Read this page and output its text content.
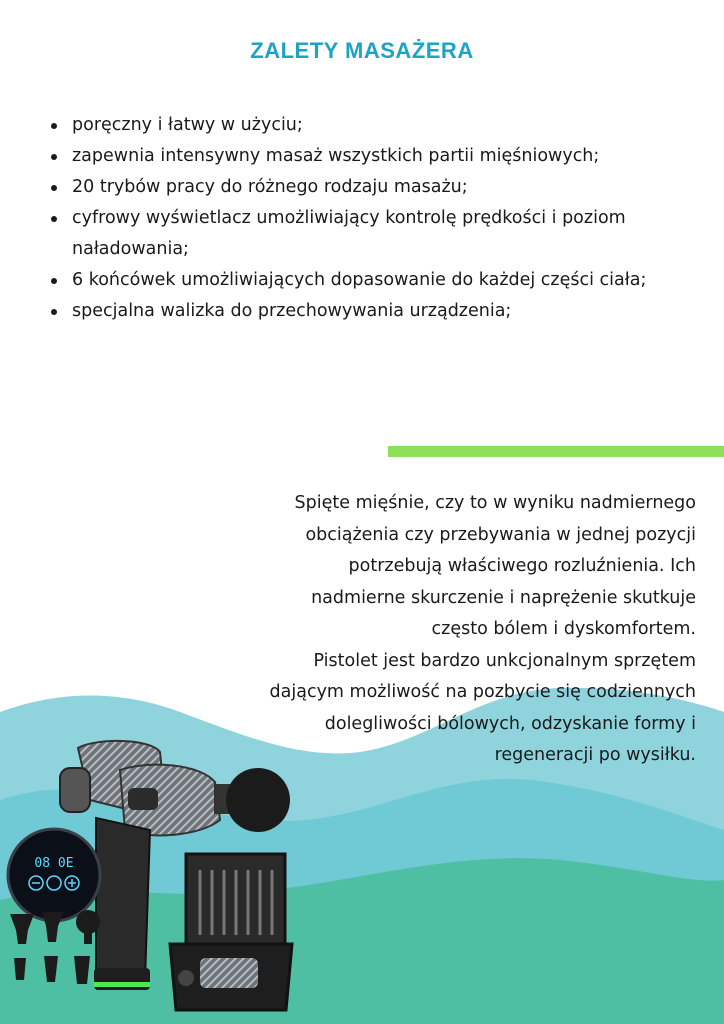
ZALETY MASAŻERA
poręczny i łatwy w użyciu;
zapewnia intensywny masaż wszystkich partii mięśniowych;
20 trybów pracy do różnego rodzaju masażu;
cyfrowy wyświetlacz umożliwiający kontrolę prędkości i poziom naładowania;
6 końcówek umożliwiających dopasowanie do każdej części ciała;
specjalna walizka do przechowywania urządzenia;
Spięte mięśnie, czy to w wyniku nadmiernego
obciążenia czy przebywania w jednej pozycji
potrzebują właściwego rozluźnienia. Ich
nadmierne skurczenie i naprężenie skutkuje
często bólem i dyskomfortem.
Pistolet jest bardzo unkcjonalnym sprzętem
dającym możliwość na pozbycie się codziennych
dolegliwości bólowych, odzyskanie formy i
regeneracji po wysiłku.
08 0E
